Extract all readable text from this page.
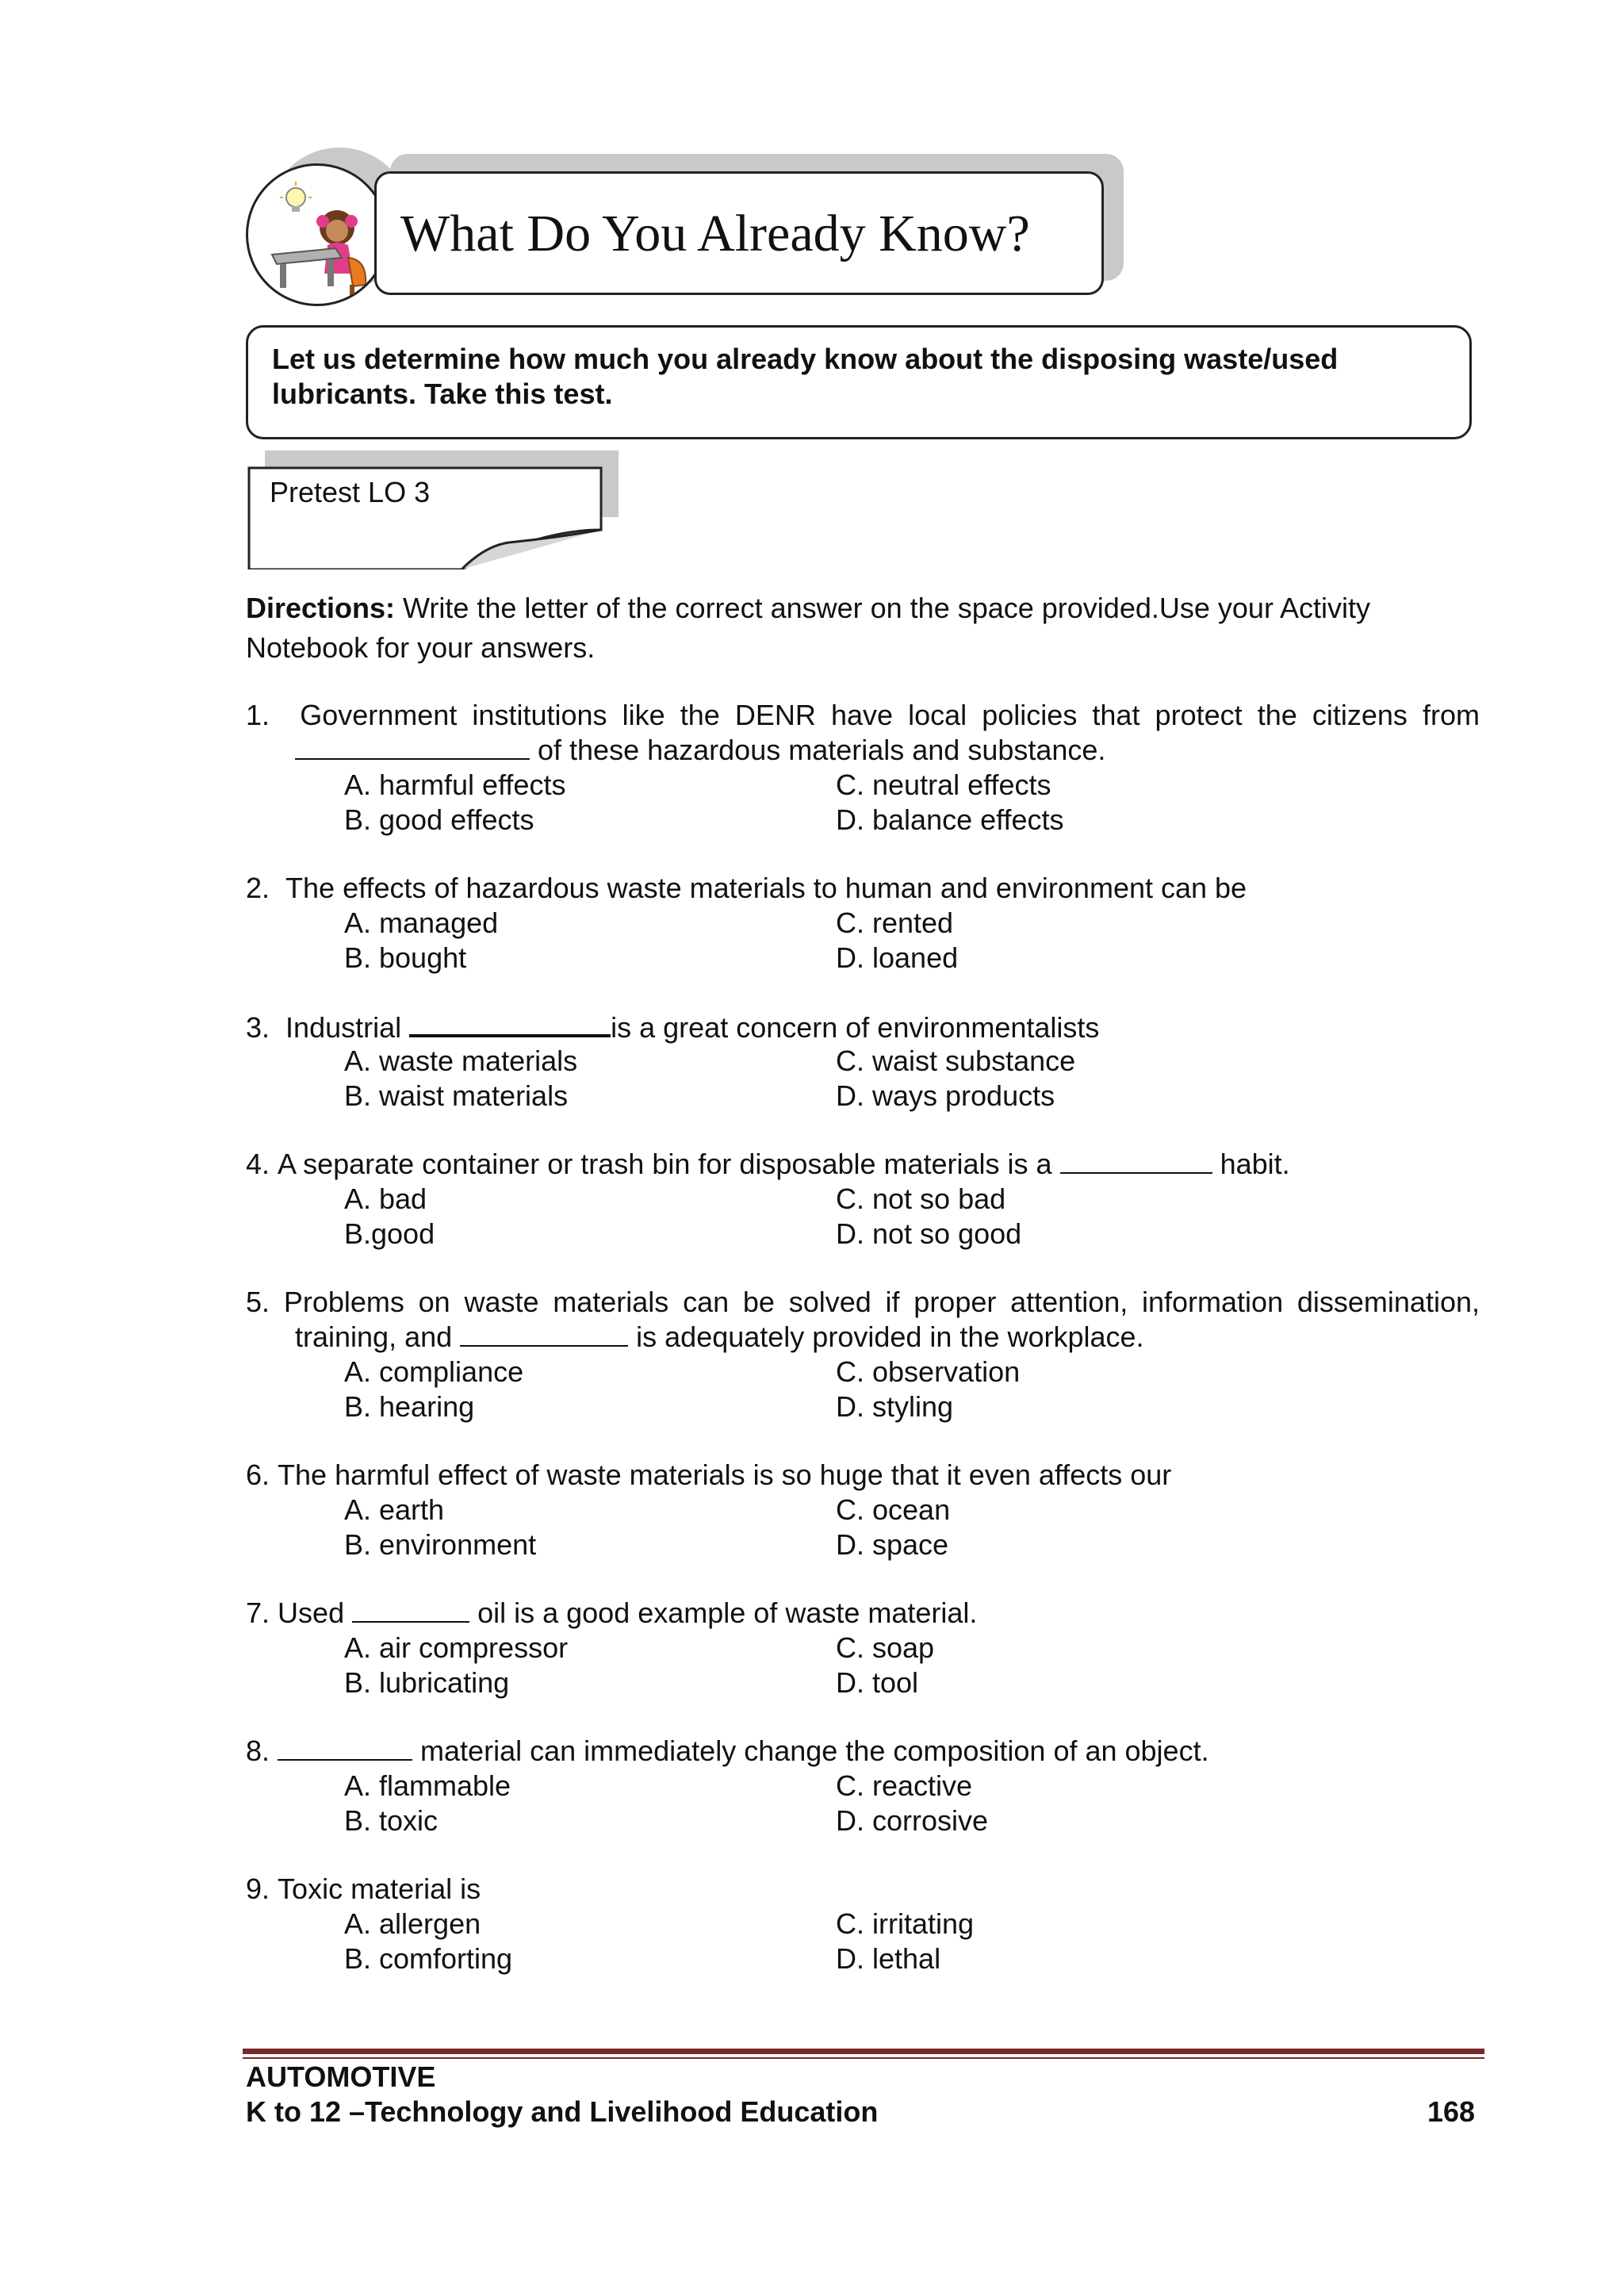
What Do You Already Know?
Let us determine how much you already know about the disposing waste/used lubricants. Take this test.
Pretest LO 3
Directions: Write the letter of the correct answer on the space provided.Use your Activity Notebook for your answers.
1. Government institutions like the DENR have local policies that protect the citizens from
of these hazardous materials and substance.
A. harmful effects	C. neutral effects
B. good effects	D. balance effects
2. The effects of hazardous waste materials to human and environment can be
A. managed	C. rented
B. bought	D. loaned
3. Industrial	is a great concern of environmentalists
A. waste materials	C. waist substance
B. waist materials	D. ways products
4. A separate container or trash bin for disposable materials is a	habit.
A. bad	C. not so bad
B.good	D. not so good
5. Problems on waste materials can be solved if proper attention, information dissemination,
training, and	is adequately provided in the workplace.
A. compliance	C. observation
B. hearing	D. styling
6. The harmful effect of waste materials is so huge that it even affects our
A. earth	C. ocean
B. environment	D. space
7. Used	oil is a good example of waste material.
A. air compressor	C. soap
B. lubricating	D. tool
8.	material can immediately change the composition of an object.
A. flammable	C. reactive
B. toxic	D. corrosive
9. Toxic material is
A. allergen	C. irritating
B. comforting	D. lethal
AUTOMOTIVE
K to 12 –Technology and Livelihood Education	168
